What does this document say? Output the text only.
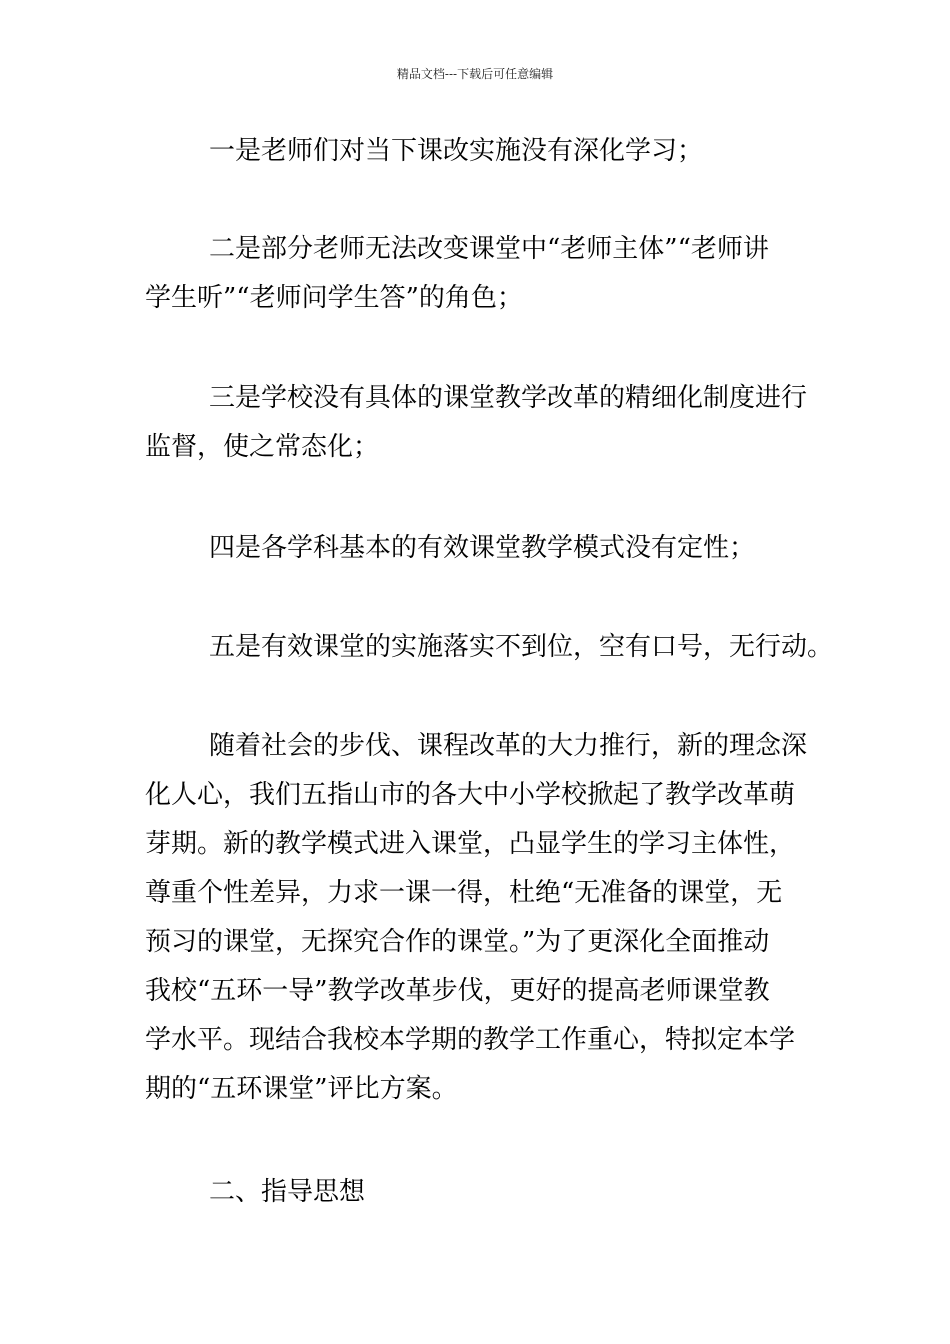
精品文档---下载后可任意编辑
一是老师们对当下课改实施没有深化学习；
二是部分老师无法改变课堂中“老师主体”“老师讲
学生听”“老师问学生答”的角色；
三是学校没有具体的课堂教学改革的精细化制度进行
监督，使之常态化；
四是各学科基本的有效课堂教学模式没有定性；
五是有效课堂的实施落实不到位，空有口号，无行动。
随着社会的步伐、课程改革的大力推行，新的理念深
化人心，我们五指山市的各大中小学校掀起了教学改革萌
芽期。新的教学模式进入课堂，凸显学生的学习主体性，
尊重个性差异，力求一课一得，杜绝“无准备的课堂，无
预习的课堂，无探究合作的课堂。”为了更深化全面推动
我校“五环一导”教学改革步伐，更好的提高老师课堂教
学水平。现结合我校本学期的教学工作重心，特拟定本学
期的“五环课堂”评比方案。
二、指导思想
